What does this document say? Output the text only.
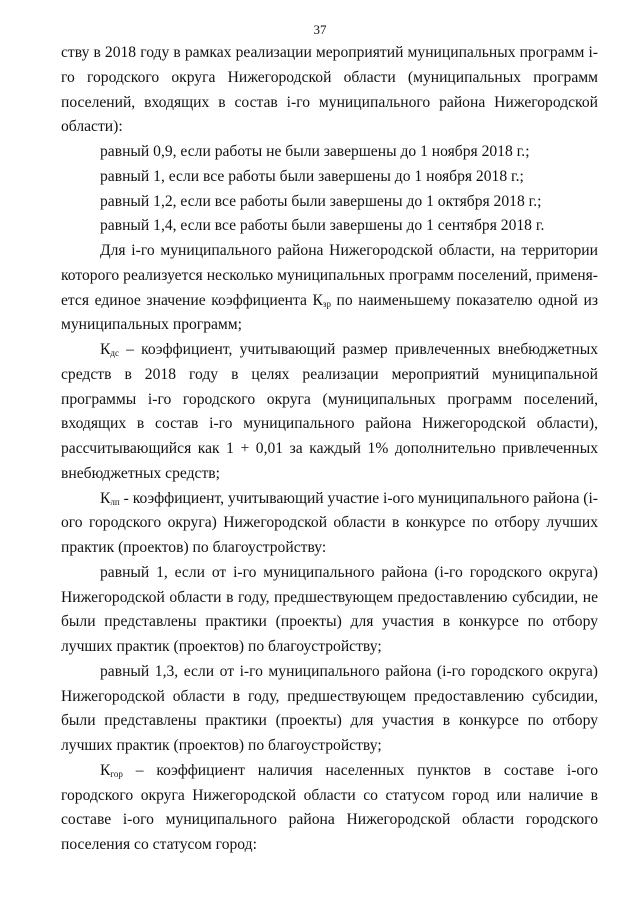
37

ству в 2018 году в рамках реализации мероприятий муниципальных программ i-го городского округа Нижегородской области (муниципальных программ поселений, входящих в состав i-го муниципального района Нижегородской области):

равный 0,9, если работы не были завершены до 1 ноября 2018 г.;

равный 1, если все работы были завершены до 1 ноября 2018 г.;

равный 1,2, если все работы были завершены до 1 октября 2018 г.;

равный 1,4, если все работы были завершены до 1 сентября 2018 г.

Для i-го муниципального района Нижегородской области, на территории которого реализуется несколько муниципальных программ поселений, применя-ется единое значение коэффициента $К_{зр}$ по наименьшему показателю одной из муниципальных программ;

$К_{дс}$ – коэффициент, учитывающий размер привлеченных внебюджетных средств в 2018 году в целях реализации мероприятий муниципальной программы i-го городского округа (муниципальных программ поселений, входящих в состав i-го муниципального района Нижегородской области), рассчитывающийся как 1 + 0,01 за каждый 1% дополнительно привлеченных внебюджетных средств;

$К_{лп}$ - коэффициент, учитывающий участие i-ого муниципального района (i-ого городского округа) Нижегородской области в конкурсе по отбору лучших практик (проектов) по благоустройству:

равный 1, если от i-го муниципального района (i-го городского округа) Нижегородской области в году, предшествующем предоставлению субсидии, не были представлены практики (проекты) для участия в конкурсе по отбору лучших практик (проектов) по благоустройству;

равный 1,3, если от i-го муниципального района (i-го городского округа) Нижегородской области в году, предшествующем предоставлению субсидии, были представлены практики (проекты) для участия в конкурсе по отбору лучших практик (проектов) по благоустройству;

$К_{гор}$ – коэффициент наличия населенных пунктов в составе i-ого городского округа Нижегородской области со статусом город или наличие в составе i-ого муниципального района Нижегородской области городского поселения со статусом город:
